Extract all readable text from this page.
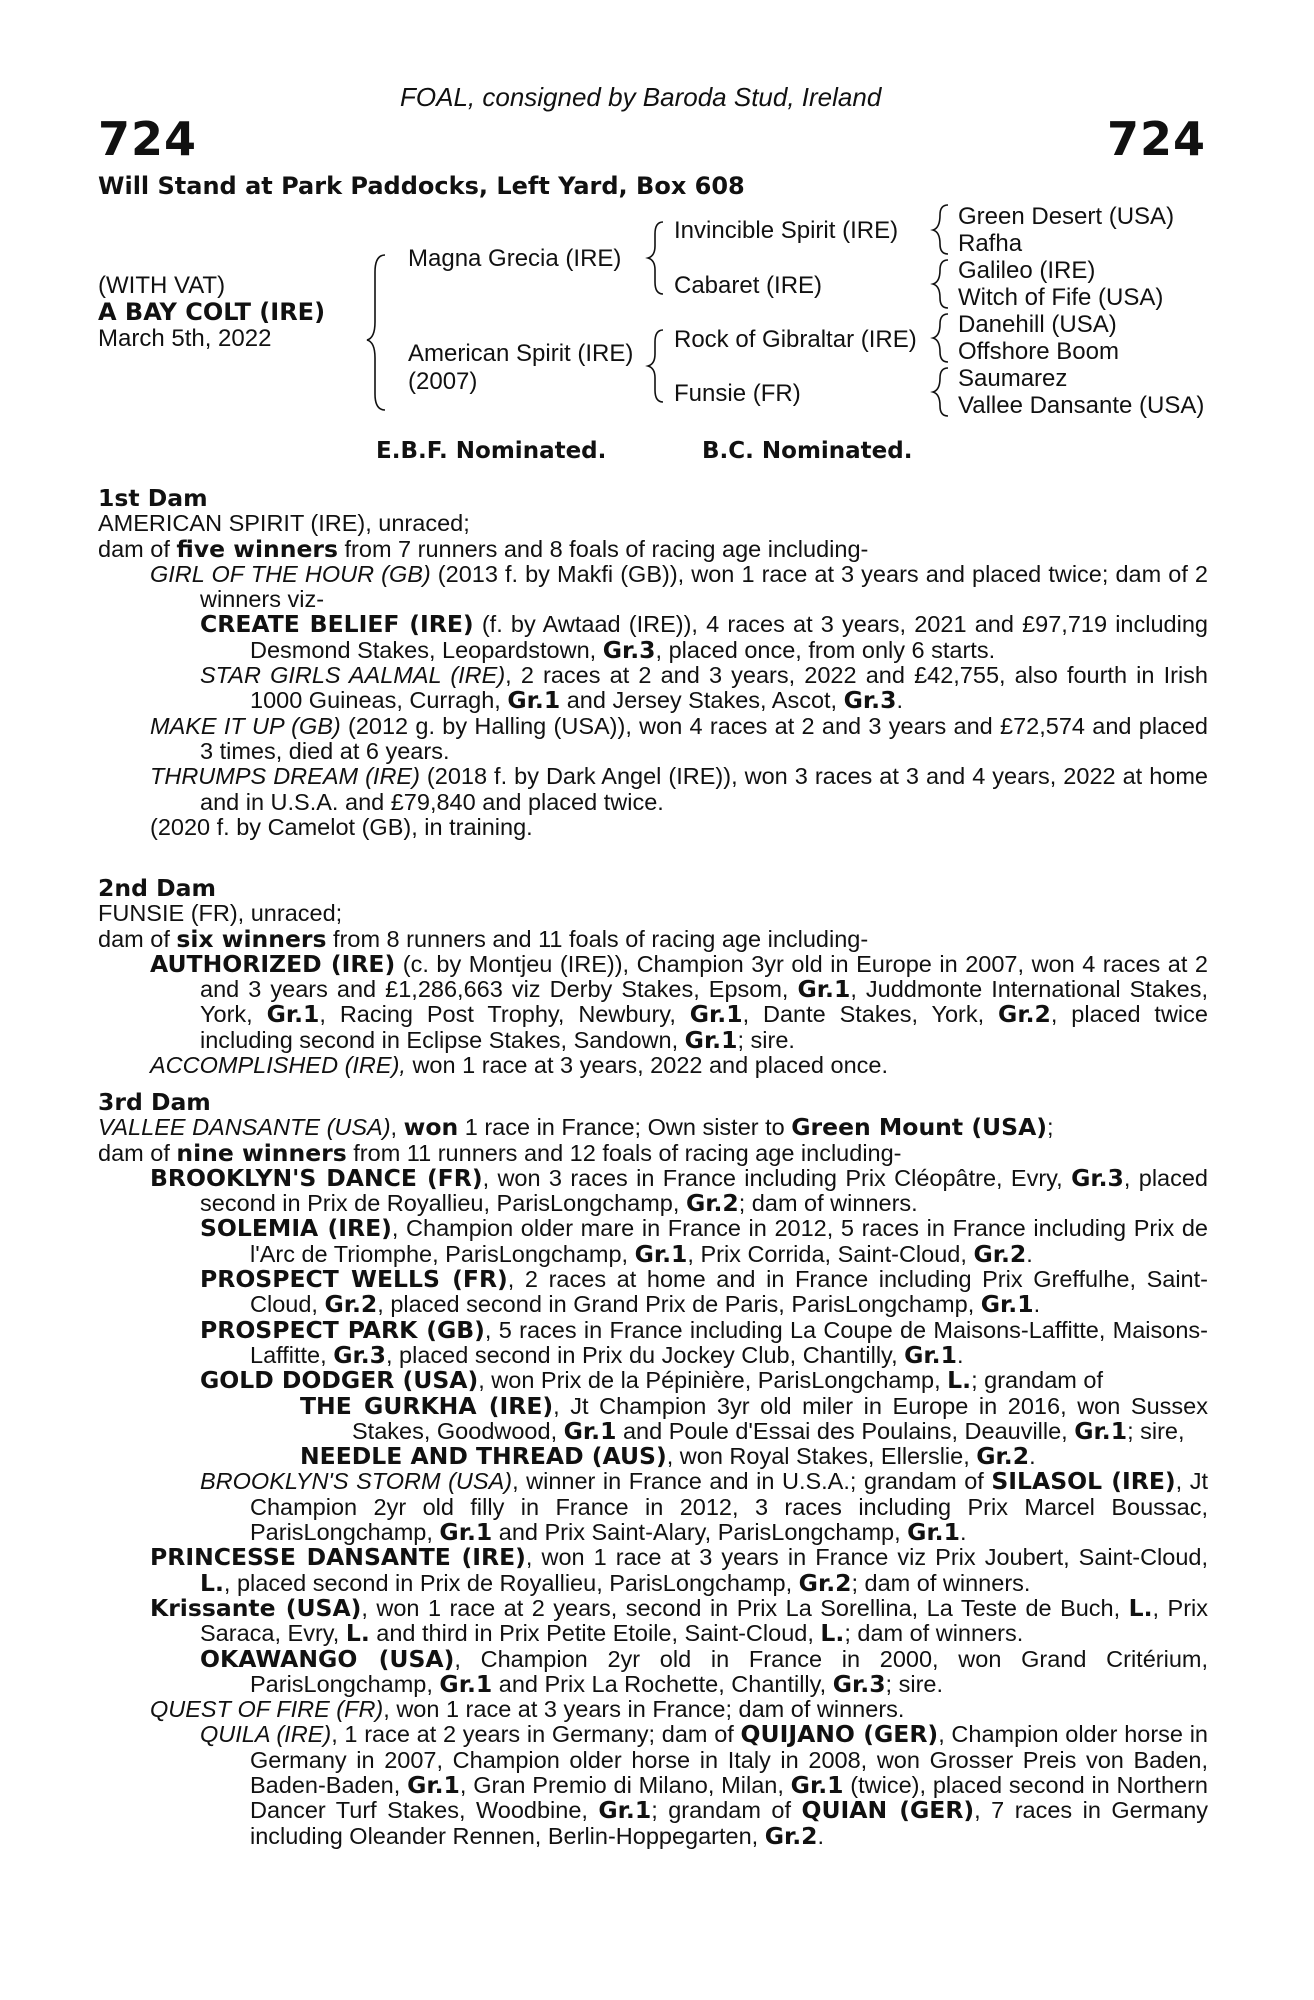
FOAL, consigned by Baroda Stud, Ireland
724	724
Will Stand at Park Paddocks, Left Yard, Box 608
(WITH VAT)
A BAY COLT (IRE)
March 5th, 2022
Magna Grecia (IRE)
American Spirit (IRE)
(2007)
Invincible Spirit (IRE)
Cabaret (IRE)
Rock of Gibraltar (IRE)
Funsie (FR)
Green Desert (USA)
Rafha
Galileo (IRE)
Witch of Fife (USA)
Danehill (USA)
Offshore Boom
Saumarez
Vallee Dansante (USA)
E.B.F. Nominated.	B.C. Nominated.

1st Dam

AMERICAN SPIRIT (IRE), unraced;

dam of five winners from 7 runners and 8 foals of racing age including-

GIRL OF THE HOUR (GB) (2013 f. by Makfi (GB)), won 1 race at 3 years and placed twice; dam of 2 winners viz-

CREATE BELIEF (IRE) (f. by Awtaad (IRE)), 4 races at 3 years, 2021 and £97,719 including Desmond Stakes, Leopardstown, Gr.3, placed once, from only 6 starts.

STAR GIRLS AALMAL (IRE), 2 races at 2 and 3 years, 2022 and £42,755, also fourth in Irish 1000 Guineas, Curragh, Gr.1 and Jersey Stakes, Ascot, Gr.3.

MAKE IT UP (GB) (2012 g. by Halling (USA)), won 4 races at 2 and 3 years and £72,574 and placed 3 times, died at 6 years.

THRUMPS DREAM (IRE) (2018 f. by Dark Angel (IRE)), won 3 races at 3 and 4 years, 2022 at home and in U.S.A. and £79,840 and placed twice.

(2020 f. by Camelot (GB), in training.

2nd Dam

FUNSIE (FR), unraced;

dam of six winners from 8 runners and 11 foals of racing age including-

AUTHORIZED (IRE) (c. by Montjeu (IRE)), Champion 3yr old in Europe in 2007, won 4 races at 2 and 3 years and £1,286,663 viz Derby Stakes, Epsom, Gr.1, Juddmonte International Stakes, York, Gr.1, Racing Post Trophy, Newbury, Gr.1, Dante Stakes, York, Gr.2, placed twice including second in Eclipse Stakes, Sandown, Gr.1; sire.

ACCOMPLISHED (IRE), won 1 race at 3 years, 2022 and placed once.

3rd Dam

VALLEE DANSANTE (USA), won 1 race in France; Own sister to Green Mount (USA);

dam of nine winners from 11 runners and 12 foals of racing age including-

BROOKLYN'S DANCE (FR), won 3 races in France including Prix Cléopâtre, Evry, Gr.3, placed second in Prix de Royallieu, ParisLongchamp, Gr.2; dam of winners.

SOLEMIA (IRE), Champion older mare in France in 2012, 5 races in France including Prix de l'Arc de Triomphe, ParisLongchamp, Gr.1, Prix Corrida, Saint-Cloud, Gr.2.

PROSPECT WELLS (FR), 2 races at home and in France including Prix Greffulhe, Saint-Cloud, Gr.2, placed second in Grand Prix de Paris, ParisLongchamp, Gr.1.

PROSPECT PARK (GB), 5 races in France including La Coupe de Maisons-Laffitte, Maisons-Laffitte, Gr.3, placed second in Prix du Jockey Club, Chantilly, Gr.1.

GOLD DODGER (USA), won Prix de la Pépinière, ParisLongchamp, L.; grandam of

THE GURKHA (IRE), Jt Champion 3yr old miler in Europe in 2016, won Sussex Stakes, Goodwood, Gr.1 and Poule d'Essai des Poulains, Deauville, Gr.1; sire,

NEEDLE AND THREAD (AUS), won Royal Stakes, Ellerslie, Gr.2.

BROOKLYN'S STORM (USA), winner in France and in U.S.A.; grandam of SILASOL (IRE), Jt Champion 2yr old filly in France in 2012, 3 races including Prix Marcel Boussac, ParisLongchamp, Gr.1 and Prix Saint-Alary, ParisLongchamp, Gr.1.

PRINCESSE DANSANTE (IRE), won 1 race at 3 years in France viz Prix Joubert, Saint-Cloud, L., placed second in Prix de Royallieu, ParisLongchamp, Gr.2; dam of winners.

Krissante (USA), won 1 race at 2 years, second in Prix La Sorellina, La Teste de Buch, L., Prix Saraca, Evry, L. and third in Prix Petite Etoile, Saint-Cloud, L.; dam of winners.

OKAWANGO (USA), Champion 2yr old in France in 2000, won Grand Critérium, ParisLongchamp, Gr.1 and Prix La Rochette, Chantilly, Gr.3; sire.

QUEST OF FIRE (FR), won 1 race at 3 years in France; dam of winners.

QUILA (IRE), 1 race at 2 years in Germany; dam of QUIJANO (GER), Champion older horse in Germany in 2007, Champion older horse in Italy in 2008, won Grosser Preis von Baden, Baden-Baden, Gr.1, Gran Premio di Milano, Milan, Gr.1 (twice), placed second in Northern Dancer Turf Stakes, Woodbine, Gr.1; grandam of QUIAN (GER), 7 races in Germany including Oleander Rennen, Berlin-Hoppegarten, Gr.2.
